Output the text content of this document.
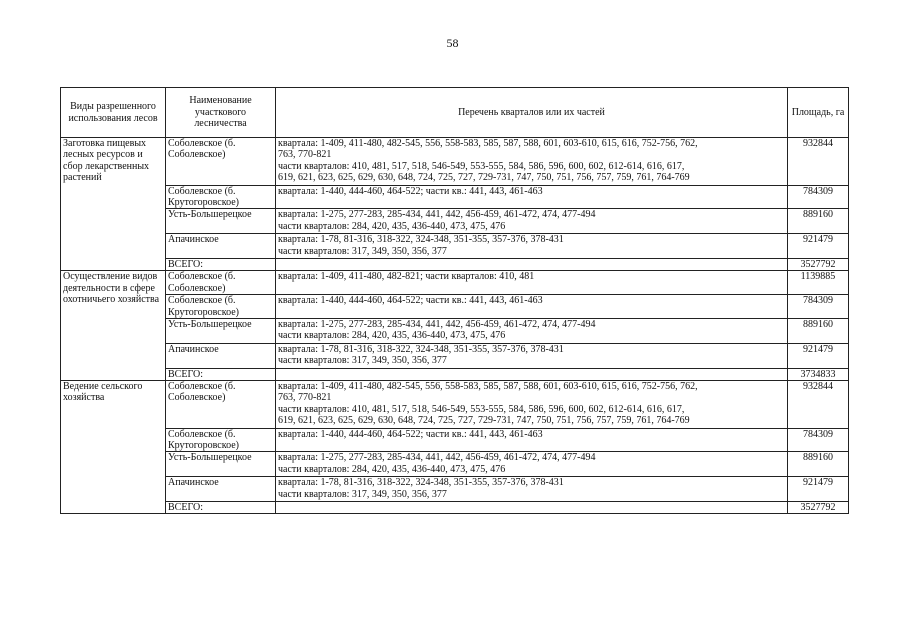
58
Виды разрешенного использования лесов	Наименование участкового лесничества	Перечень кварталов или их частей	Площадь, га
Заготовка пищевых лесных ресурсов и сбор лекарственных растений	Соболевское (б. Соболевское)	квартала: 1-409, 411-480, 482-545, 556, 558-583, 585, 587, 588, 601, 603-610, 615, 616, 752-756, 762,
763, 770-821
части кварталов: 410, 481, 517, 518, 546-549, 553-555, 584, 586, 596, 600, 602, 612-614, 616, 617,
619, 621, 623, 625, 629, 630, 648, 724, 725, 727, 729-731, 747, 750, 751, 756, 757, 759, 761, 764-769	932844
	Соболевское (б. Крутогоровское)	квартала: 1-440, 444-460, 464-522; части кв.: 441, 443, 461-463	784309
	Усть-Большерецкое	квартала: 1-275, 277-283, 285-434, 441, 442, 456-459, 461-472, 474, 477-494
части кварталов: 284, 420, 435, 436-440, 473, 475, 476	889160
	Апачинское	квартала: 1-78, 81-316, 318-322, 324-348, 351-355, 357-376, 378-431
части кварталов: 317, 349, 350, 356, 377	921479
	ВСЕГО:		3527792
Осуществление видов деятельности в сфере охотничьего хозяйства	Соболевское (б. Соболевское)	квартала: 1-409, 411-480, 482-821; части кварталов: 410, 481	1139885
	Соболевское (б. Крутогоровское)	квартала: 1-440, 444-460, 464-522; части кв.: 441, 443, 461-463	784309
	Усть-Большерецкое	квартала: 1-275, 277-283, 285-434, 441, 442, 456-459, 461-472, 474, 477-494
части кварталов: 284, 420, 435, 436-440, 473, 475, 476	889160
	Апачинское	квартала: 1-78, 81-316, 318-322, 324-348, 351-355, 357-376, 378-431
части кварталов: 317, 349, 350, 356, 377	921479
	ВСЕГО:		3734833
Ведение сельского хозяйства	Соболевское (б. Соболевское)	квартала: 1-409, 411-480, 482-545, 556, 558-583, 585, 587, 588, 601, 603-610, 615, 616, 752-756, 762,
763, 770-821
части кварталов: 410, 481, 517, 518, 546-549, 553-555, 584, 586, 596, 600, 602, 612-614, 616, 617,
619, 621, 623, 625, 629, 630, 648, 724, 725, 727, 729-731, 747, 750, 751, 756, 757, 759, 761, 764-769	932844
	Соболевское (б. Крутогоровское)	квартала: 1-440, 444-460, 464-522; части кв.: 441, 443, 461-463	784309
	Усть-Большерецкое	квартала: 1-275, 277-283, 285-434, 441, 442, 456-459, 461-472, 474, 477-494
части кварталов: 284, 420, 435, 436-440, 473, 475, 476	889160
	Апачинское	квартала: 1-78, 81-316, 318-322, 324-348, 351-355, 357-376, 378-431
части кварталов: 317, 349, 350, 356, 377	921479
	ВСЕГО:		3527792
